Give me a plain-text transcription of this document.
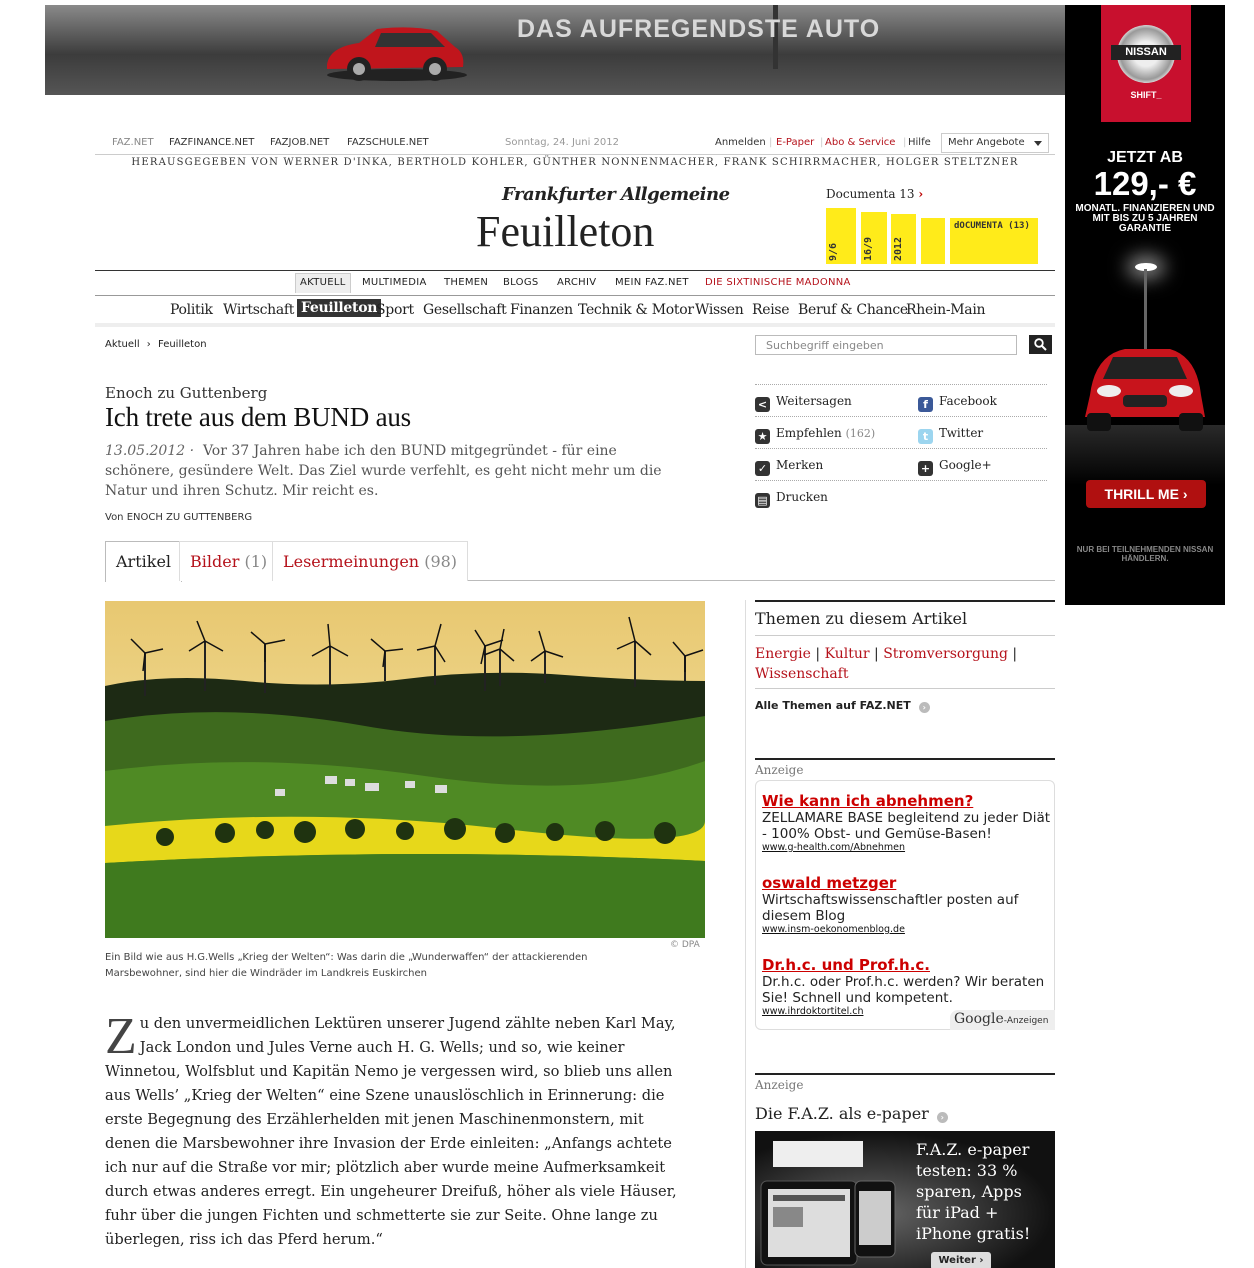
DAS AUFREGENDSTE AUTO
NISSAN
SHIFT_
JETZT AB
129,- €
MONATL. FINANZIEREN UND MIT BIS ZU 5 JAHREN GARANTIE
THRILL ME ›
NUR BEI TEILNEHMENDEN NISSAN HÄNDLERN.
FAZ.NET FAZFINANCE.NET FAZJOB.NET FAZSCHULE.NET	Sonntag, 24. Juni 2012	Anmelden | E-Paper | Abo & Service | Hilfe	Mehr Angebote
HERAUSGEGEBEN VON WERNER D'INKA, BERTHOLD KOHLER, GÜNTHER NONNENMACHER, FRANK SCHIRRMACHER, HOLGER STELTZNER
Frankfurter Allgemeine
Feuilleton
Documenta 13 ›
9/6	16/9	2012
dOCUMENTA (13)
AKTUELL	MULTIMEDIA THEMEN BLOGS ARCHIV MEIN FAZ.NET DIE SIXTINISCHE MADONNA
Politik Wirtschaft Feuilleton
Sport Gesellschaft Finanzen Technik & Motor Wissen Reise Beruf & Chance
Rhein-Main
Aktuell › Feuilleton	Suchbegriff eingeben
Enoch zu Guttenberg
Ich trete aus dem BUND aus
13.05.2012 · Vor 37 Jahren habe ich den BUND mitgegründet - für eine schönere, gesündere Welt. Das Ziel wurde verfehlt, es geht nicht mehr um die Natur und ihren Schutz. Mir reicht es.
Von ENOCH ZU GUTTENBERG
< Weitersagen	f Facebook
★ Empfehlen (162)	t Twitter
✓ Merken	+ Google+
▤ Drucken
Artikel	Bilder (1) Lesermeinungen (98)
© DPA
Ein Bild wie aus H.G.Wells „Krieg der Welten“: Was darin die „Wunderwaffen“ der attackierenden Marsbewohner, sind hier die Windräder im Landkreis Euskirchen
Zu den unvermeidlichen Lektüren unserer Jugend zählte neben Karl May, Jack London und Jules Verne auch H. G. Wells; und so, wie keiner Winnetou, Wolfsblut und Kapitän Nemo je vergessen wird, so blieb uns allen aus Wells’ „Krieg der Welten“ eine Szene unauslöschlich in Erinnerung: die erste Begegnung des Erzählerhelden mit jenen Maschinenmonstern, mit denen die Marsbewohner ihre Invasion der Erde einleiten: „Anfangs achtete ich nur auf die Straße vor mir; plötzlich aber wurde meine Aufmerksamkeit durch etwas anderes erregt. Ein ungeheurer Dreifuß, höher als viele Häuser, fuhr über die jungen Fichten und schmetterte sie zur Seite. Ohne lange zu überlegen, riss ich das Pferd herum.“
Themen zu diesem Artikel
Energie | Kultur | Stromversorgung |
Wissenschaft
Alle Themen auf FAZ.NET ›
Anzeige
Wie kann ich abnehmen?
ZELLAMARE BASE begleitend zu jeder Diät - 100% Obst- und Gemüse-Basen!
www.g-health.com/Abnehmen
oswald metzger
Wirtschaftswissenschaftler posten auf diesem Blog
www.insm-oekonomenblog.de
Dr.h.c. und Prof.h.c.
Dr.h.c. oder Prof.h.c. werden? Wir beraten Sie! Schnell und kompetent.
www.ihrdoktortitel.ch	Google-Anzeigen
Anzeige
Die F.A.Z. als e-paper ›
F.A.Z. e-paper testen: 33 % sparen, Apps für iPad + iPhone gratis!
Weiter ›
